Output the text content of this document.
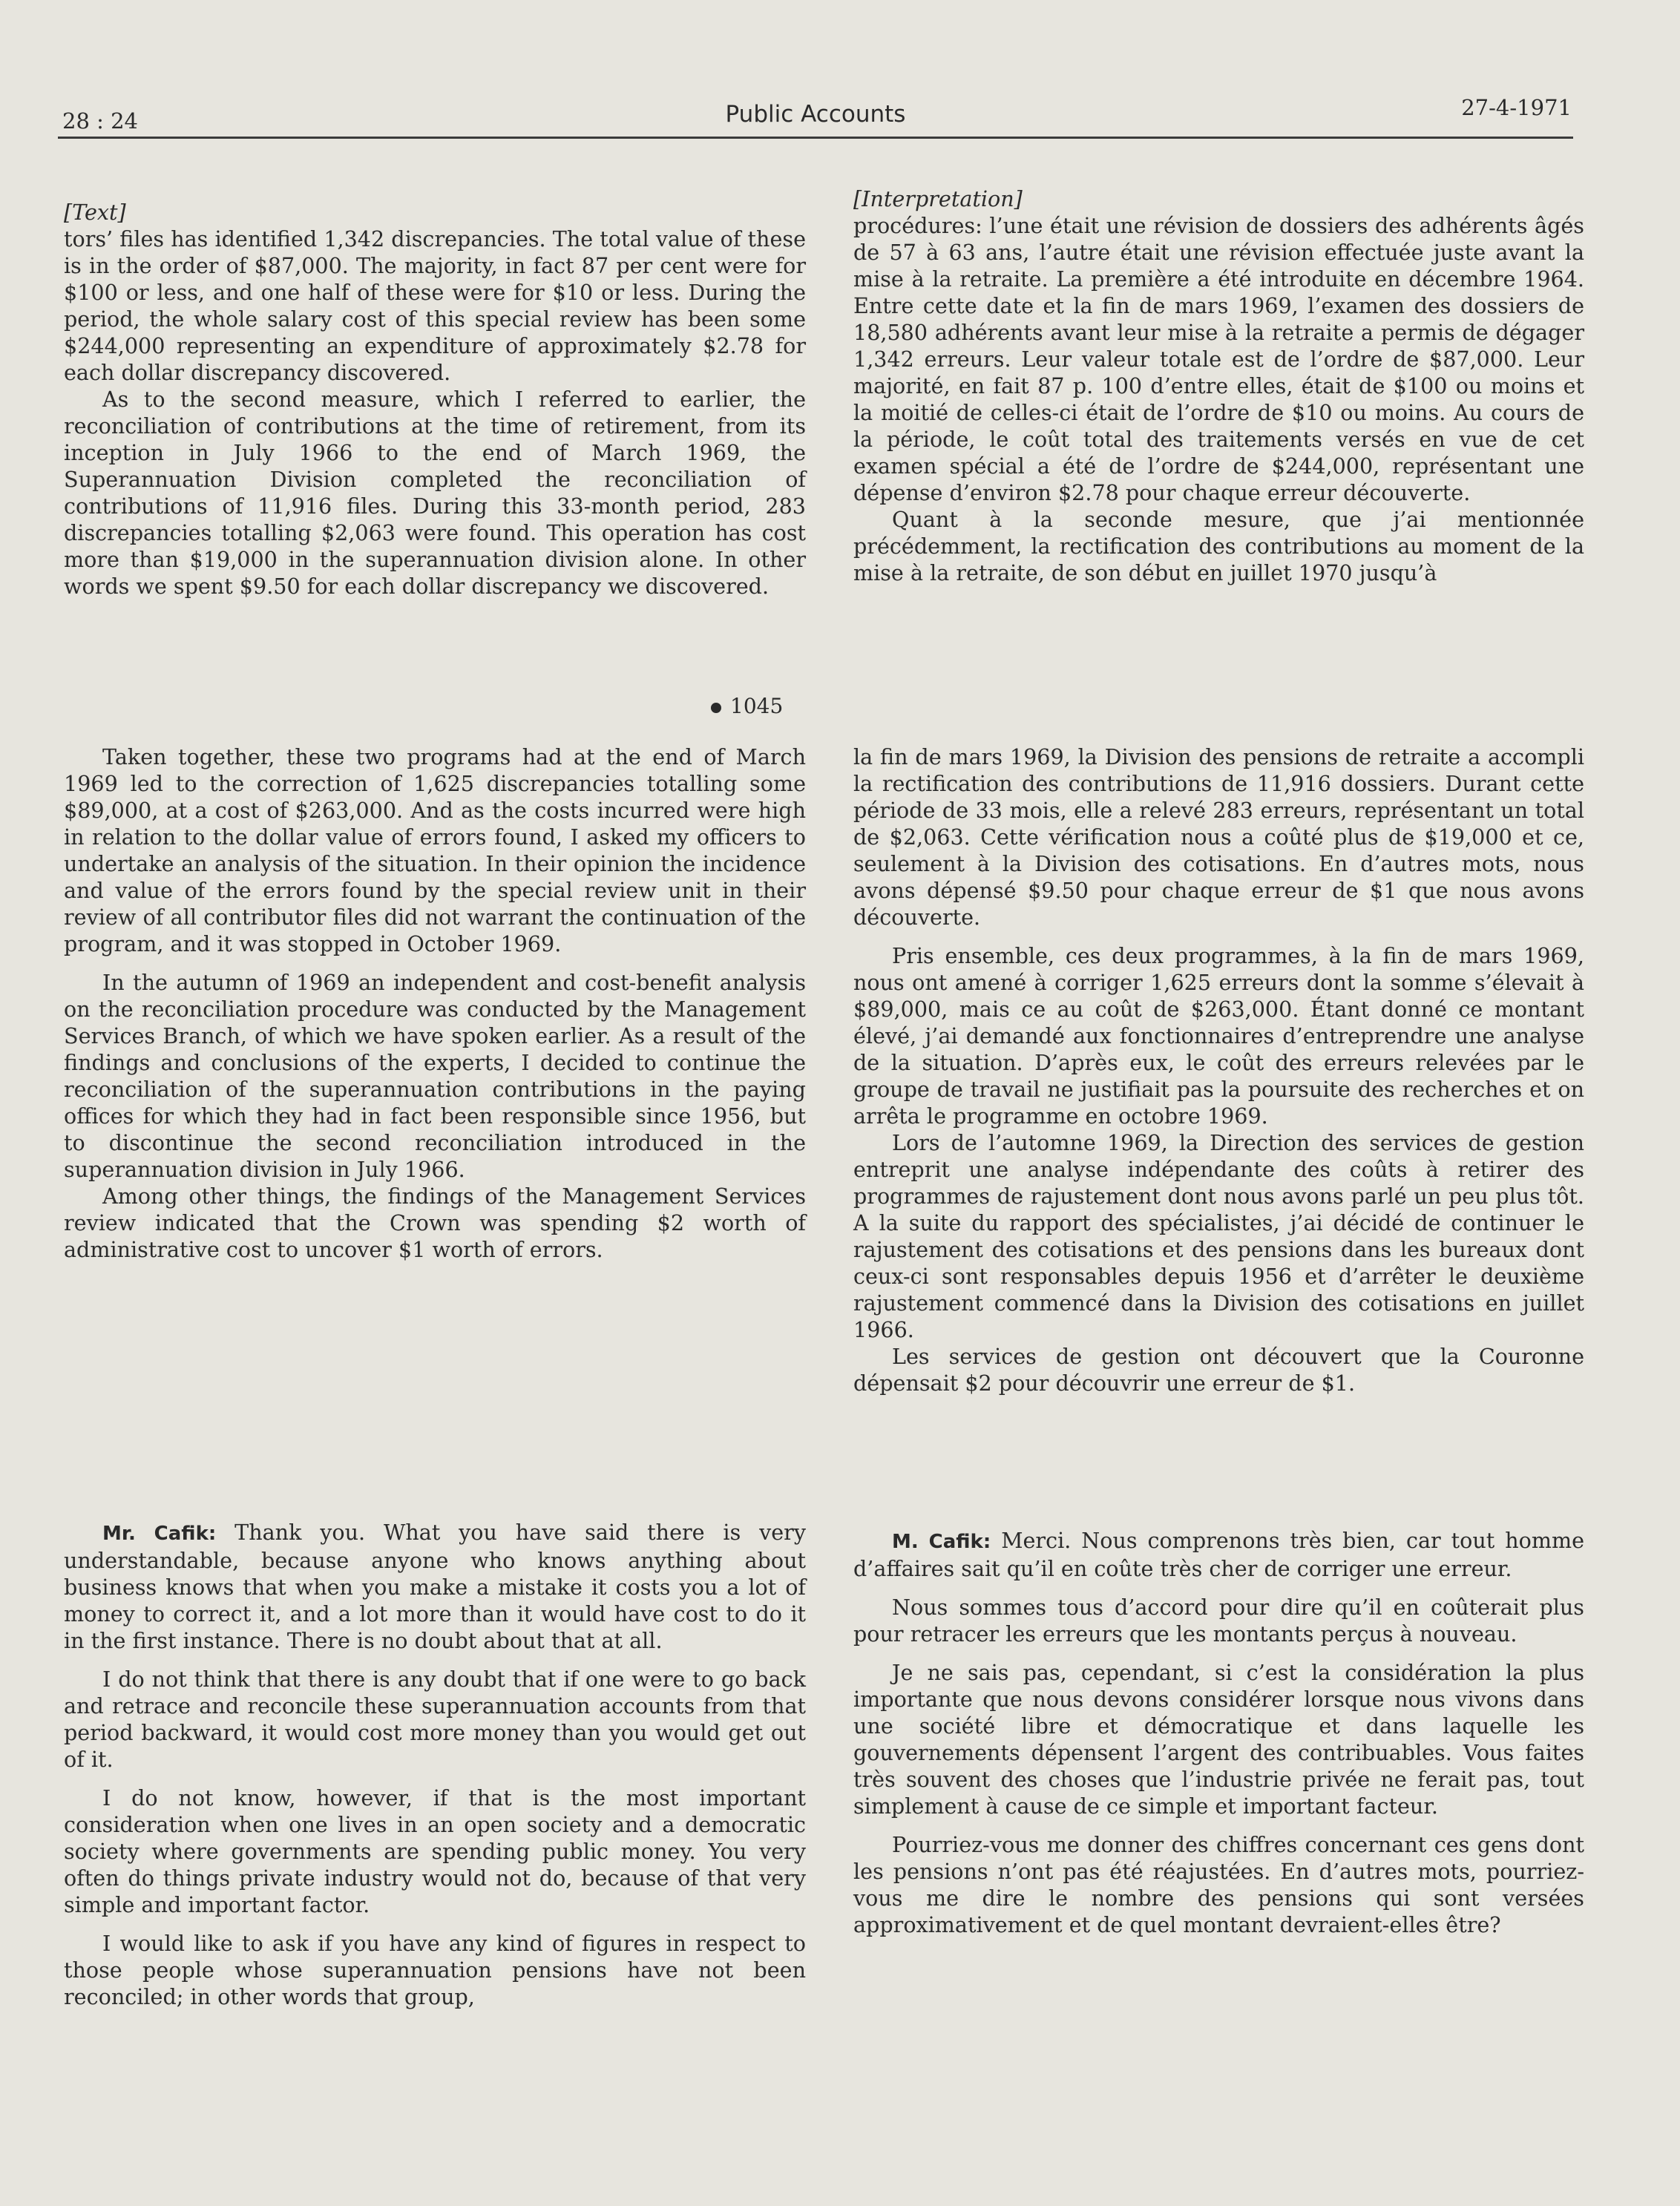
28 : 24	Public Accounts	27-4-1971

[Text]

tors’ files has identified 1,342 discrepancies. The total value of these is in the order of $87,000. The majority, in fact 87 per cent were for $100 or less, and one half of these were for $10 or less. During the period, the whole salary cost of this special review has been some $244,000 representing an expenditure of approximately $2.78 for each dollar discrepancy discovered.

As to the second measure, which I referred to earlier, the reconciliation of contributions at the time of retirement, from its inception in July 1966 to the end of March 1969, the Superannuation Division completed the reconciliation of contributions of 11,916 files. During this 33-month period, 283 discrepancies totalling $2,063 were found. This operation has cost more than $19,000 in the superannuation division alone. In other words we spent $9.50 for each dollar discrepancy we discovered.

1045

Taken together, these two programs had at the end of March 1969 led to the correction of 1,625 discrepancies totalling some $89,000, at a cost of $263,000. And as the costs incurred were high in relation to the dollar value of errors found, I asked my officers to undertake an analysis of the situation. In their opinion the incidence and value of the errors found by the special review unit in their review of all contributor files did not warrant the continuation of the program, and it was stopped in October 1969.

In the autumn of 1969 an independent and cost-benefit analysis on the reconciliation procedure was conducted by the Management Services Branch, of which we have spoken earlier. As a result of the findings and conclusions of the experts, I decided to continue the reconciliation of the superannuation contributions in the paying offices for which they had in fact been responsible since 1956, but to discontinue the second reconciliation introduced in the superannuation division in July 1966.

Among other things, the findings of the Management Services review indicated that the Crown was spending $2 worth of administrative cost to uncover $1 worth of errors.

Mr. Cafik: Thank you. What you have said there is very understandable, because anyone who knows anything about business knows that when you make a mistake it costs you a lot of money to correct it, and a lot more than it would have cost to do it in the first instance. There is no doubt about that at all.

I do not think that there is any doubt that if one were to go back and retrace and reconcile these superannuation accounts from that period backward, it would cost more money than you would get out of it.

I do not know, however, if that is the most important consideration when one lives in an open society and a democratic society where governments are spending public money. You very often do things private industry would not do, because of that very simple and important factor.

I would like to ask if you have any kind of figures in respect to those people whose superannuation pensions have not been reconciled; in other words that group,

[Interpretation]

procédures: l’une était une révision de dossiers des adhérents âgés de 57 à 63 ans, l’autre était une révision effectuée juste avant la mise à la retraite. La première a été introduite en décembre 1964. Entre cette date et la fin de mars 1969, l’examen des dossiers de 18,580 adhérents avant leur mise à la retraite a permis de dégager 1,342 erreurs. Leur valeur totale est de l’ordre de $87,000. Leur majorité, en fait 87 p. 100 d’entre elles, était de $100 ou moins et la moitié de celles-ci était de l’ordre de $10 ou moins. Au cours de la période, le coût total des traitements versés en vue de cet examen spécial a été de l’ordre de $244,000, représentant une dépense d’environ $2.78 pour chaque erreur découverte.

Quant à la seconde mesure, que j’ai mentionnée précédemment, la rectification des contributions au moment de la mise à la retraite, de son début en juillet 1970 jusqu’à

la fin de mars 1969, la Division des pensions de retraite a accompli la rectification des contributions de 11,916 dossiers. Durant cette période de 33 mois, elle a relevé 283 erreurs, représentant un total de $2,063. Cette vérification nous a coûté plus de $19,000 et ce, seulement à la Division des cotisations. En d’autres mots, nous avons dépensé $9.50 pour chaque erreur de $1 que nous avons découverte.

Pris ensemble, ces deux programmes, à la fin de mars 1969, nous ont amené à corriger 1,625 erreurs dont la somme s’élevait à $89,000, mais ce au coût de $263,000. Étant donné ce montant élevé, j’ai demandé aux fonctionnaires d’entreprendre une analyse de la situation. D’après eux, le coût des erreurs relevées par le groupe de travail ne justifiait pas la poursuite des recherches et on arrêta le programme en octobre 1969.

Lors de l’automne 1969, la Direction des services de gestion entreprit une analyse indépendante des coûts à retirer des programmes de rajustement dont nous avons parlé un peu plus tôt. A la suite du rapport des spécialistes, j’ai décidé de continuer le rajustement des cotisations et des pensions dans les bureaux dont ceux-ci sont responsables depuis 1956 et d’arrêter le deuxième rajustement commencé dans la Division des cotisations en juillet 1966.

Les services de gestion ont découvert que la Couronne dépensait $2 pour découvrir une erreur de $1.

M. Cafik: Merci. Nous comprenons très bien, car tout homme d’affaires sait qu’il en coûte très cher de corriger une erreur.

Nous sommes tous d’accord pour dire qu’il en coûterait plus pour retracer les erreurs que les montants perçus à nouveau.

Je ne sais pas, cependant, si c’est la considération la plus importante que nous devons considérer lorsque nous vivons dans une société libre et démocratique et dans laquelle les gouvernements dépensent l’argent des contribuables. Vous faites très souvent des choses que l’industrie privée ne ferait pas, tout simplement à cause de ce simple et important facteur.

Pourriez-vous me donner des chiffres concernant ces gens dont les pensions n’ont pas été réajustées. En d’autres mots, pourriez-vous me dire le nombre des pensions qui sont versées approximativement et de quel montant devraient-elles être?
